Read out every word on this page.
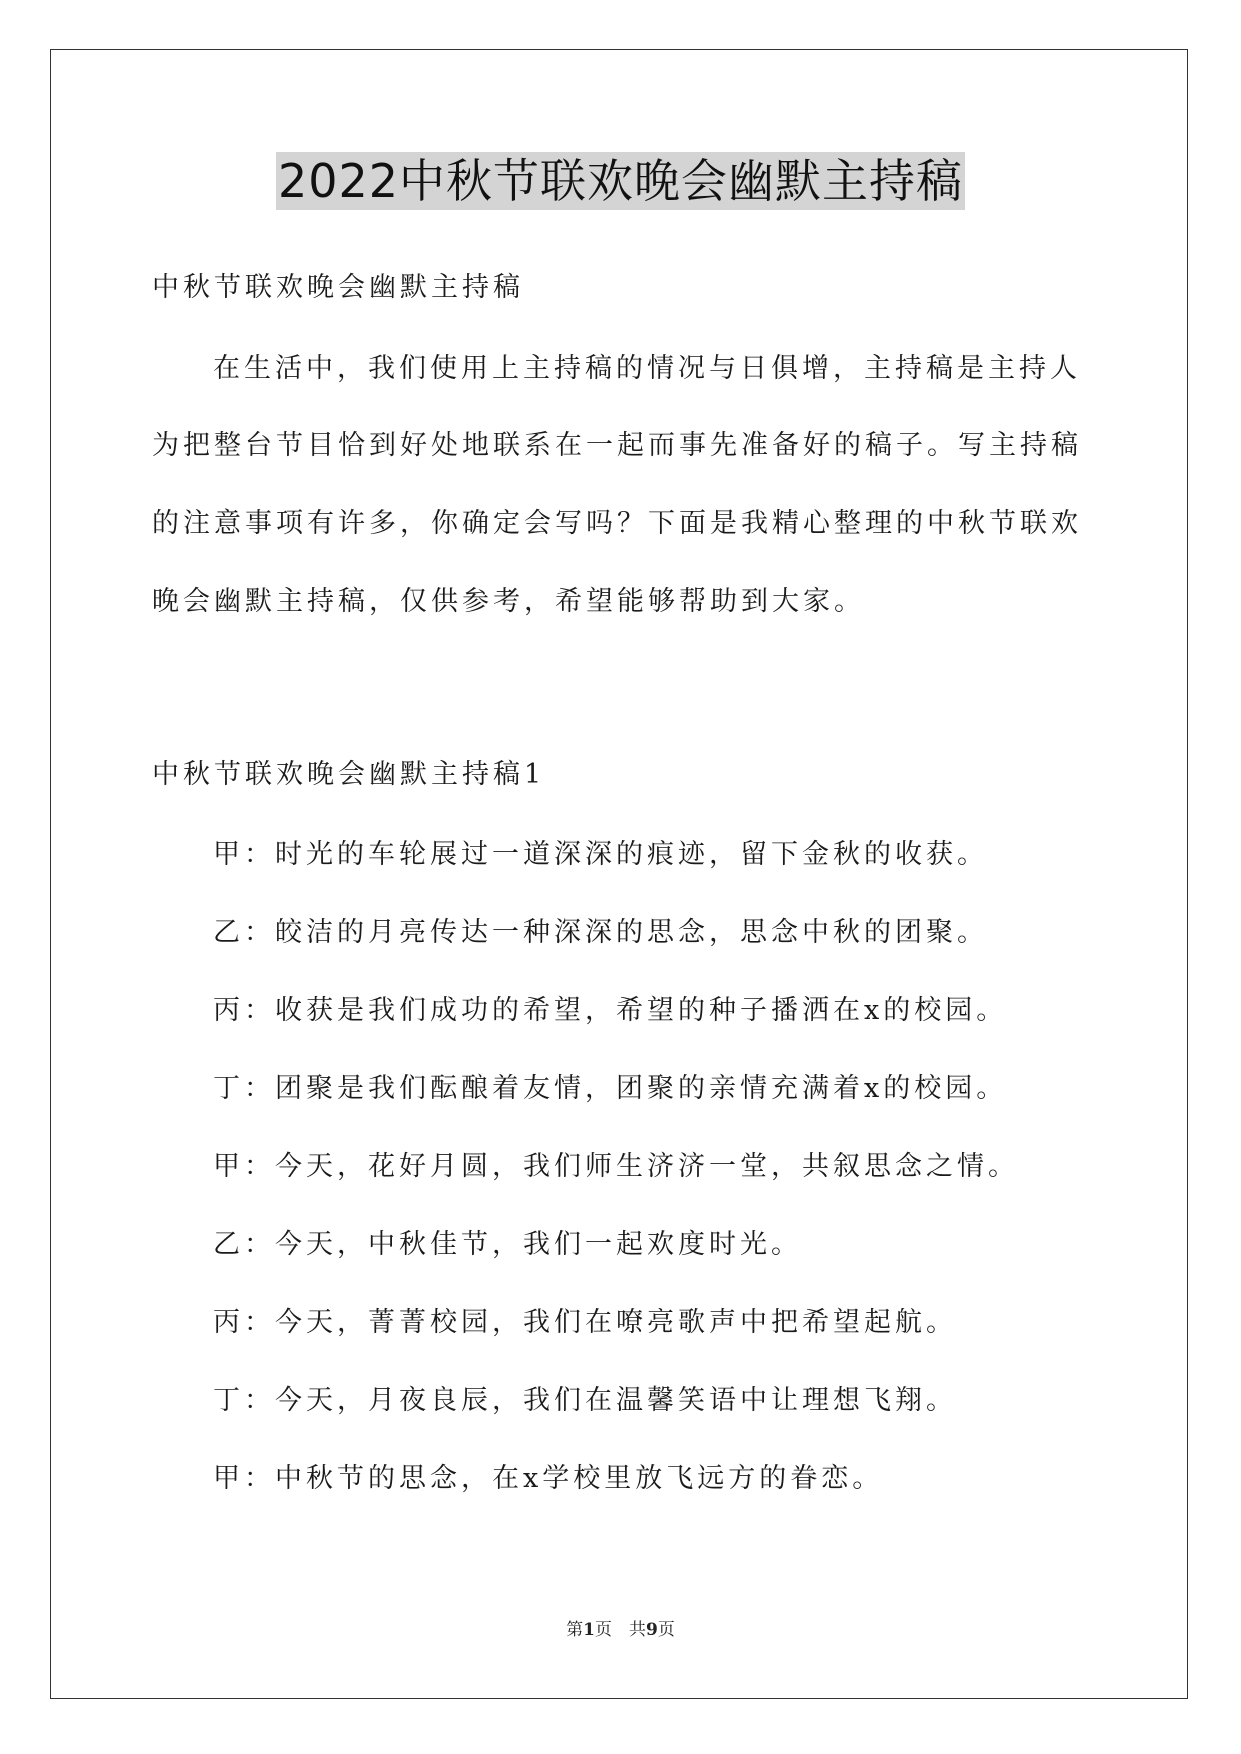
2022中秋节联欢晚会幽默主持稿
中秋节联欢晚会幽默主持稿
在生活中，我们使用上主持稿的情况与日俱增，主持稿是主持人
为把整台节目恰到好处地联系在一起而事先准备好的稿子。写主持稿
的注意事项有许多，你确定会写吗？下面是我精心整理的中秋节联欢
晚会幽默主持稿，仅供参考，希望能够帮助到大家。
中秋节联欢晚会幽默主持稿1
甲：时光的车轮展过一道深深的痕迹，留下金秋的收获。
乙：皎洁的月亮传达一种深深的思念，思念中秋的团聚。
丙：收获是我们成功的希望，希望的种子播洒在x的校园。
丁：团聚是我们酝酿着友情，团聚的亲情充满着x的校园。
甲：今天，花好月圆，我们师生济济一堂，共叙思念之情。
乙：今天，中秋佳节，我们一起欢度时光。
丙：今天，菁菁校园，我们在嘹亮歌声中把希望起航。
丁：今天，月夜良辰，我们在温馨笑语中让理想飞翔。
甲：中秋节的思念，在x学校里放飞远方的眷恋。
第1页　共9页
